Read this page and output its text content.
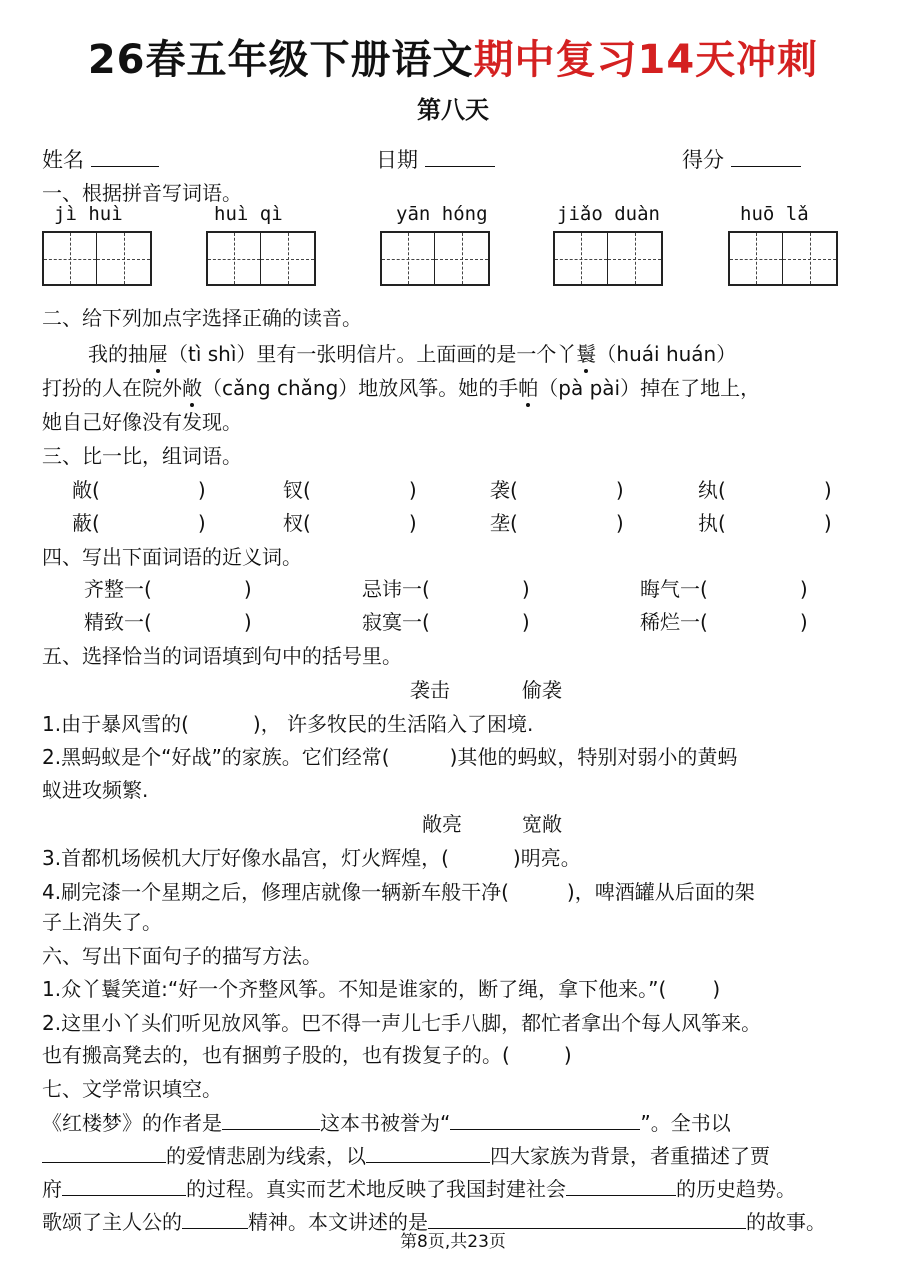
26春五年级下册语文期中复习14天冲刺
第八天
姓名	日期	得分
一、根据拼音写词语。
jì huì	huì qì	yān hóng	jiǎo duàn	huō lǎ
二、给下列加点字选择正确的读音。
我的抽屉（tì shì）里有一张明信片。上面画的是一个丫鬟（huái huán）
打扮的人在院外敞（cǎng chǎng）地放风筝。她的手帕（pà pài）掉在了地上，
她自己好像没有发现。
三、比一比，组词语。
敞(	)	钗(	)	袭(	)	纨(	)
蔽(	)	杈(	)	垄(	)	执(	)
四、写出下面词语的近义词。
齐整一(	)	忌讳一(	)	晦气一(	)
精致一(	)	寂寞一(	)	稀烂一(	)
五、选择恰当的词语填到句中的括号里。
袭击	偷袭
1.由于暴风雪的(	)， 许多牧民的生活陷入了困境.
2.黑蚂蚁是个“好战”的家族。它们经常(	)其他的蚂蚁，特别对弱小的黄蚂
蚁进攻频繁.
敞亮	宽敞
3.首都机场候机大厅好像水晶宫，灯火辉煌，(	)明亮。
4.刷完漆一个星期之后，修理店就像一辆新车般干净(	)，啤酒罐从后面的架
子上消失了。
六、写出下面句子的描写方法。
1.众丫鬟笑道:“好一个齐整风筝。不知是谁家的，断了绳，拿下他来。”( )
2.这里小丫头们听见放风筝。巴不得一声儿七手八脚，都忙者拿出个每人风筝来。
也有搬高凳去的，也有捆剪子股的，也有拨复子的。(	)
七、文学常识填空。
《红楼梦》的作者是	这本书被誉为“	”。全书以
的爱情悲剧为线索，以	四大家族为背景，者重描述了贾
府	的过程。真实而艺术地反映了我国封建社会	的历史趋势。
歌颂了主人公的	精神。本文讲述的是	的故事。
第8页,共23页
